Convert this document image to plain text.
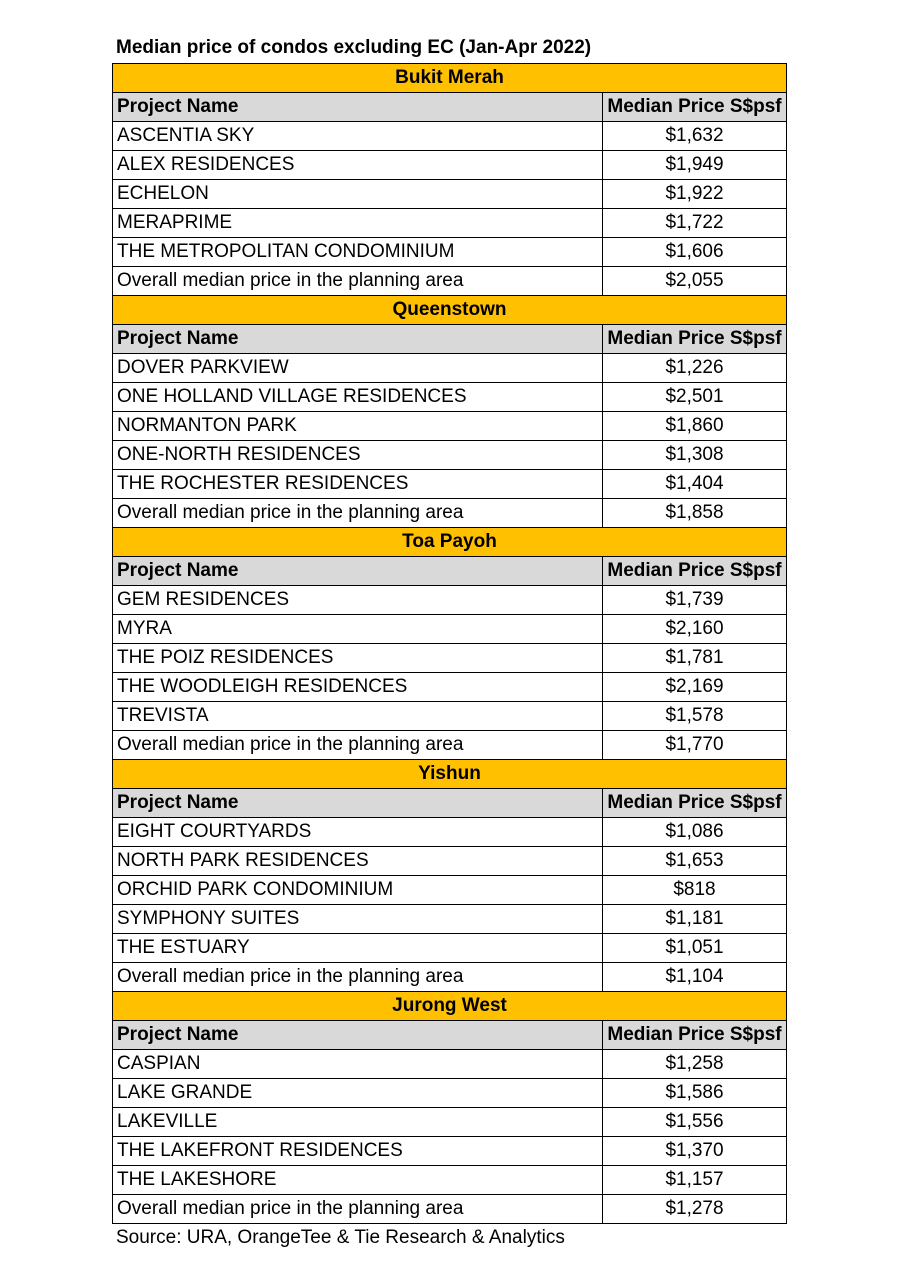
Median price of condos excluding EC (Jan-Apr 2022)
Bukit Merah	
Project Name	Median Price S$psf
ASCENTIA SKY	$1,632
ALEX RESIDENCES	$1,949
ECHELON	$1,922
MERAPRIME	$1,722
THE METROPOLITAN CONDOMINIUM	$1,606
Overall median price in the planning area	$2,055
Queenstown	
Project Name	Median Price S$psf
DOVER PARKVIEW	$1,226
ONE HOLLAND VILLAGE RESIDENCES	$2,501
NORMANTON PARK	$1,860
ONE-NORTH RESIDENCES	$1,308
THE ROCHESTER RESIDENCES	$1,404
Overall median price in the planning area	$1,858
Toa Payoh	
Project Name	Median Price S$psf
GEM RESIDENCES	$1,739
MYRA	$2,160
THE POIZ RESIDENCES	$1,781
THE WOODLEIGH RESIDENCES	$2,169
TREVISTA	$1,578
Overall median price in the planning area	$1,770
Yishun	
Project Name	Median Price S$psf
EIGHT COURTYARDS	$1,086
NORTH PARK RESIDENCES	$1,653
ORCHID PARK CONDOMINIUM	$818
SYMPHONY SUITES	$1,181
THE ESTUARY	$1,051
Overall median price in the planning area	$1,104
Jurong West	
Project Name	Median Price S$psf
CASPIAN	$1,258
LAKE GRANDE	$1,586
LAKEVILLE	$1,556
THE LAKEFRONT RESIDENCES	$1,370
THE LAKESHORE	$1,157
Overall median price in the planning area	$1,278
Source: URA, OrangeTee & Tie Research & Analytics
